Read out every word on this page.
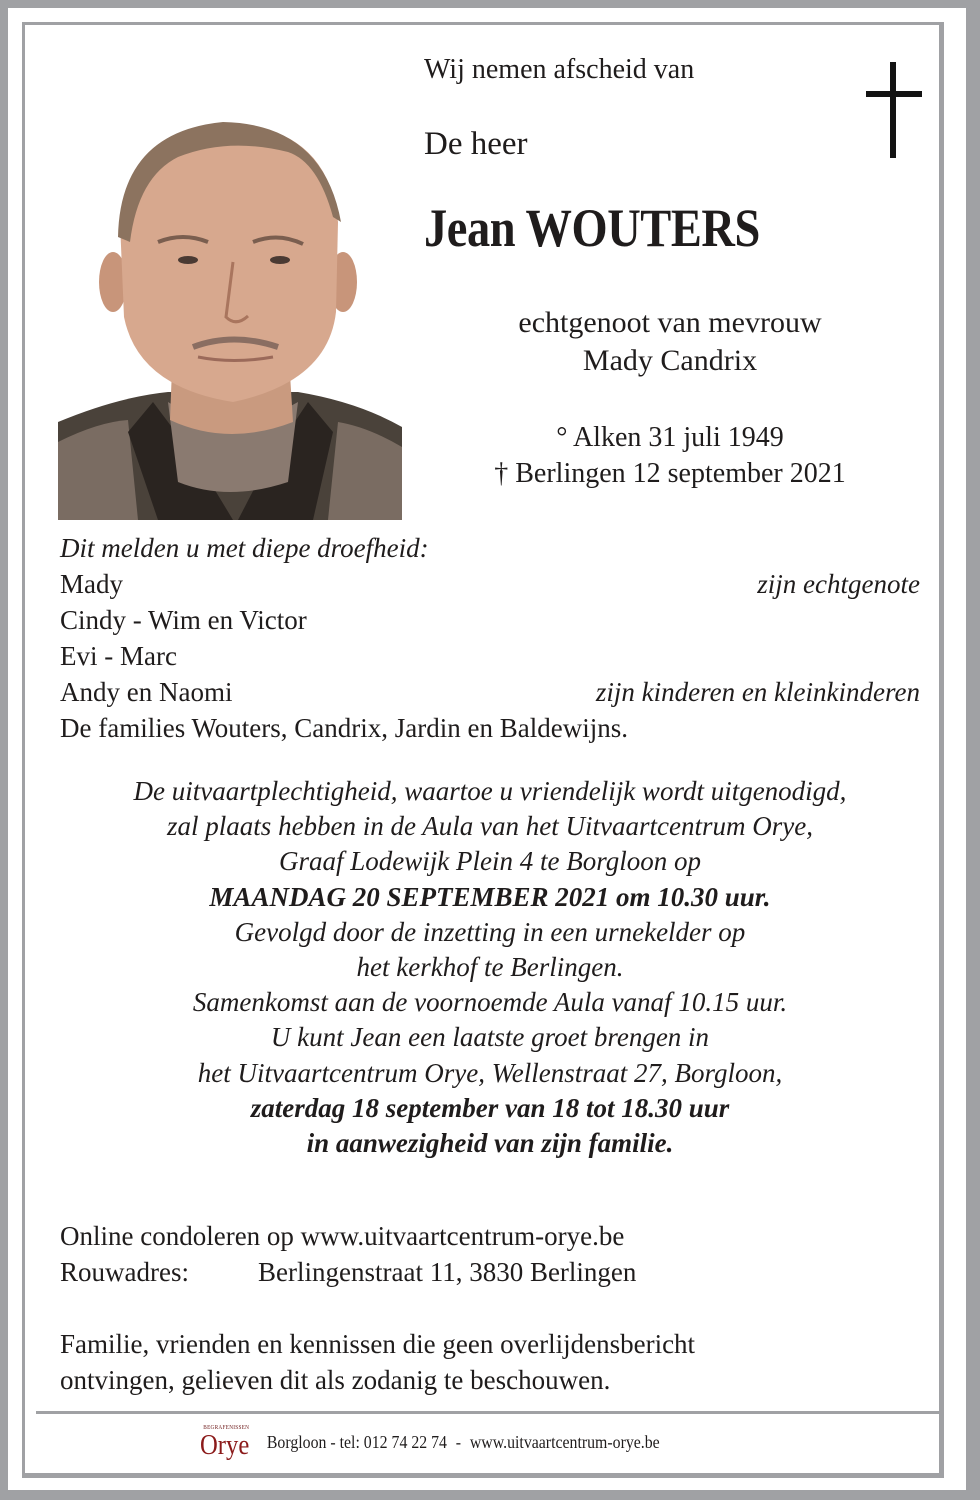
Wij nemen afscheid van
De heer
Jean WOUTERS
echtgenoot van mevrouw
Mady Candrix
° Alken 31 juli 1949
† Berlingen 12 september 2021
Dit melden u met diepe droefheid:
Mady	zijn echtgenote
Cindy - Wim en Victor
Evi - Marc
Andy en Naomi	zijn kinderen en kleinkinderen
De families Wouters, Candrix, Jardin en Baldewijns.
De uitvaartplechtigheid, waartoe u vriendelijk wordt uitgenodigd,
zal plaats hebben in de Aula van het Uitvaartcentrum Orye,
Graaf Lodewijk Plein 4 te Borgloon op
MAANDAG 20 SEPTEMBER 2021 om 10.30 uur.
Gevolgd door de inzetting in een urnekelder op
het kerkhof te Berlingen.
Samenkomst aan de voornoemde Aula vanaf 10.15 uur.
U kunt Jean een laatste groet brengen in
het Uitvaartcentrum Orye, Wellenstraat 27, Borgloon,
zaterdag 18 september van 18 tot 18.30 uur
in aanwezigheid van zijn familie.
Online condoleren op www.uitvaartcentrum-orye.be
Rouwadres:	Berlingenstraat 11, 3830 Berlingen
Familie, vrienden en kennissen die geen overlijdensbericht
ontvingen, gelieven dit als zodanig te beschouwen.
BEGRAFENISSEN
Orye Borgloon - tel: 012 74 22 74 - www.uitvaartcentrum-orye.be
